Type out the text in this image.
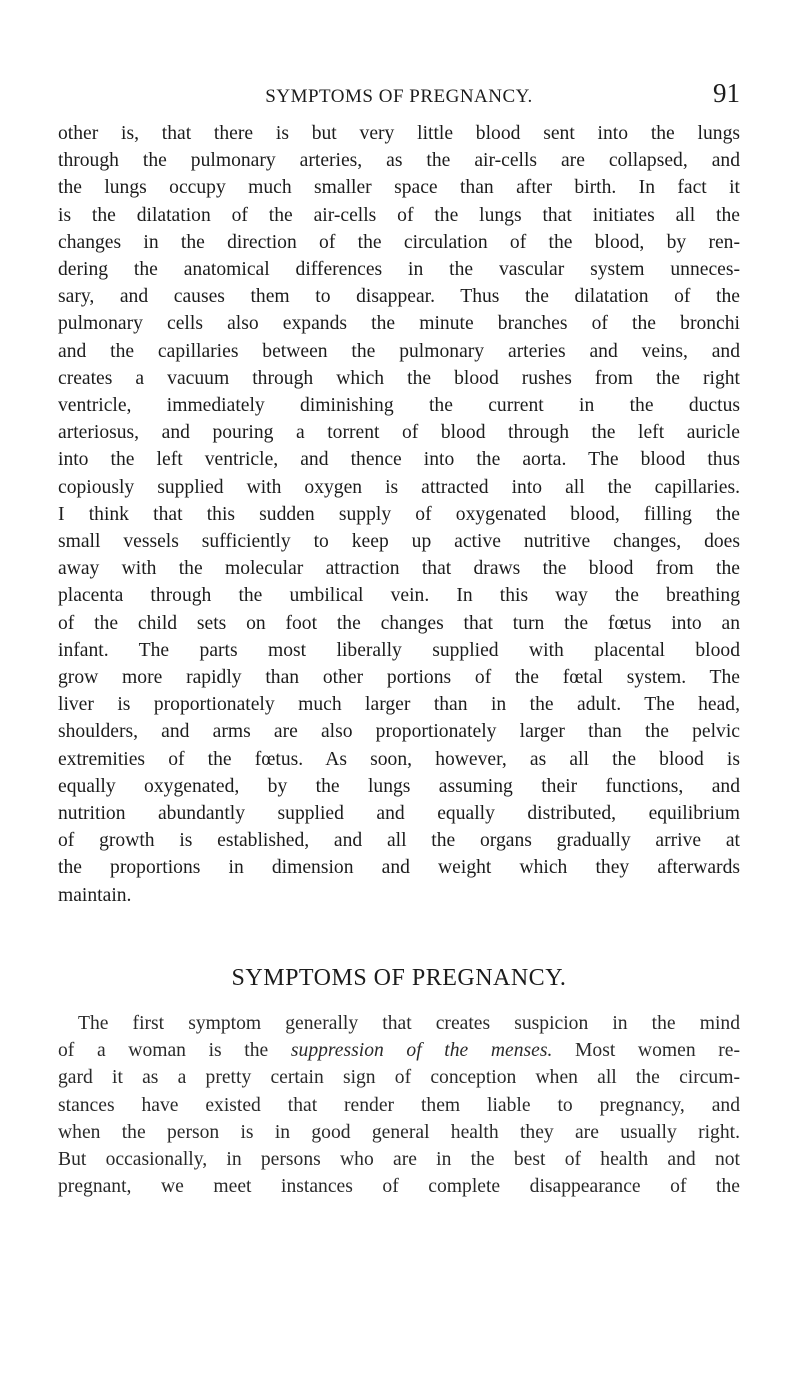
SYMPTOMS OF PREGNANCY.	91
other is, that there is but very little blood sent into the lungs
through the pulmonary arteries, as the air-cells are collapsed, and
the lungs occupy much smaller space than after birth. In fact it
is the dilatation of the air-cells of the lungs that initiates all the
changes in the direction of the circulation of the blood, by ren-
dering the anatomical differences in the vascular system unneces-
sary, and causes them to disappear. Thus the dilatation of the
pulmonary cells also expands the minute branches of the bronchi
and the capillaries between the pulmonary arteries and veins, and
creates a vacuum through which the blood rushes from the right
ventricle, immediately diminishing the current in the ductus
arteriosus, and pouring a torrent of blood through the left auricle
into the left ventricle, and thence into the aorta. The blood thus
copiously supplied with oxygen is attracted into all the capillaries.
I think that this sudden supply of oxygenated blood, filling the
small vessels sufficiently to keep up active nutritive changes, does
away with the molecular attraction that draws the blood from the
placenta through the umbilical vein. In this way the breathing
of the child sets on foot the changes that turn the fœtus into an
infant. The parts most liberally supplied with placental blood
grow more rapidly than other portions of the fœtal system. The
liver is proportionately much larger than in the adult. The head,
shoulders, and arms are also proportionately larger than the pelvic
extremities of the fœtus. As soon, however, as all the blood is
equally oxygenated, by the lungs assuming their functions, and
nutrition abundantly supplied and equally distributed, equilibrium
of growth is established, and all the organs gradually arrive at
the proportions in dimension and weight which they afterwards
maintain.
SYMPTOMS OF PREGNANCY.
The first symptom generally that creates suspicion in the mind
of a woman is the suppression of the menses. Most women re-
gard it as a pretty certain sign of conception when all the circum-
stances have existed that render them liable to pregnancy, and
when the person is in good general health they are usually right.
But occasionally, in persons who are in the best of health and not
pregnant, we meet instances of complete disappearance of the
